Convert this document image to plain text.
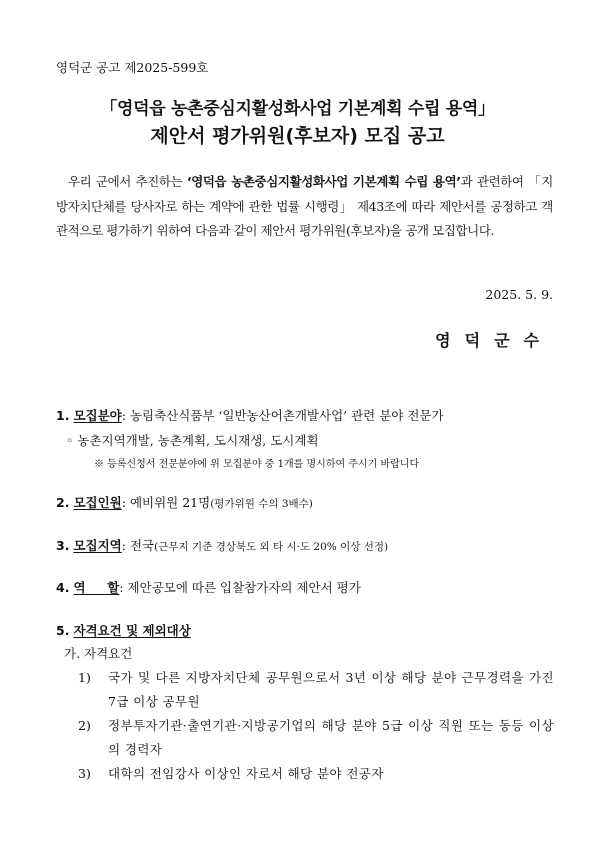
영덕군 공고 제2025-599호
「영덕읍 농촌중심지활성화사업 기본계획 수립 용역」
제안서 평가위원(후보자) 모집 공고
우리 군에서 추진하는 ‘영덕읍 농촌중심지활성화사업 기본계획 수립 용역’과 관련하여 「지방자치단체를 당사자로 하는 계약에 관한 법률 시행령」 제43조에 따라 제안서를 공정하고 객관적으로 평가하기 위하여 다음과 같이 제안서 평가위원(후보자)을 공개 모집합니다.
2025. 5. 9.
영덕군수
1. 모집분야: 농림축산식품부 ‘일반농산어촌개발사업’ 관련 분야 전문가
◦ 농촌지역개발, 농촌계획, 도시재생, 도시계획
※ 등록신청서 전문분야에 위 모집분야 중 1개를 명시하여 주시기 바랍니다
2. 모집인원: 예비위원 21명(평가위원 수의 3배수)
3. 모집지역: 전국(근무지 기준 경상북도 외 타 시·도 20% 이상 선정)
4. 역     할: 제안공모에 따른 입찰참가자의 제안서 평가
5. 자격요건 및 제외대상
가. 자격요건
1) 국가 및 다른 지방자치단체 공무원으로서 3년 이상 해당 분야 근무경력을 가진 7급 이상 공무원
2) 정부투자기관·출연기관·지방공기업의 해당 분야 5급 이상 직원 또는 동등 이상의 경력자
3) 대학의 전임강사 이상인 자로서 해당 분야 전공자
